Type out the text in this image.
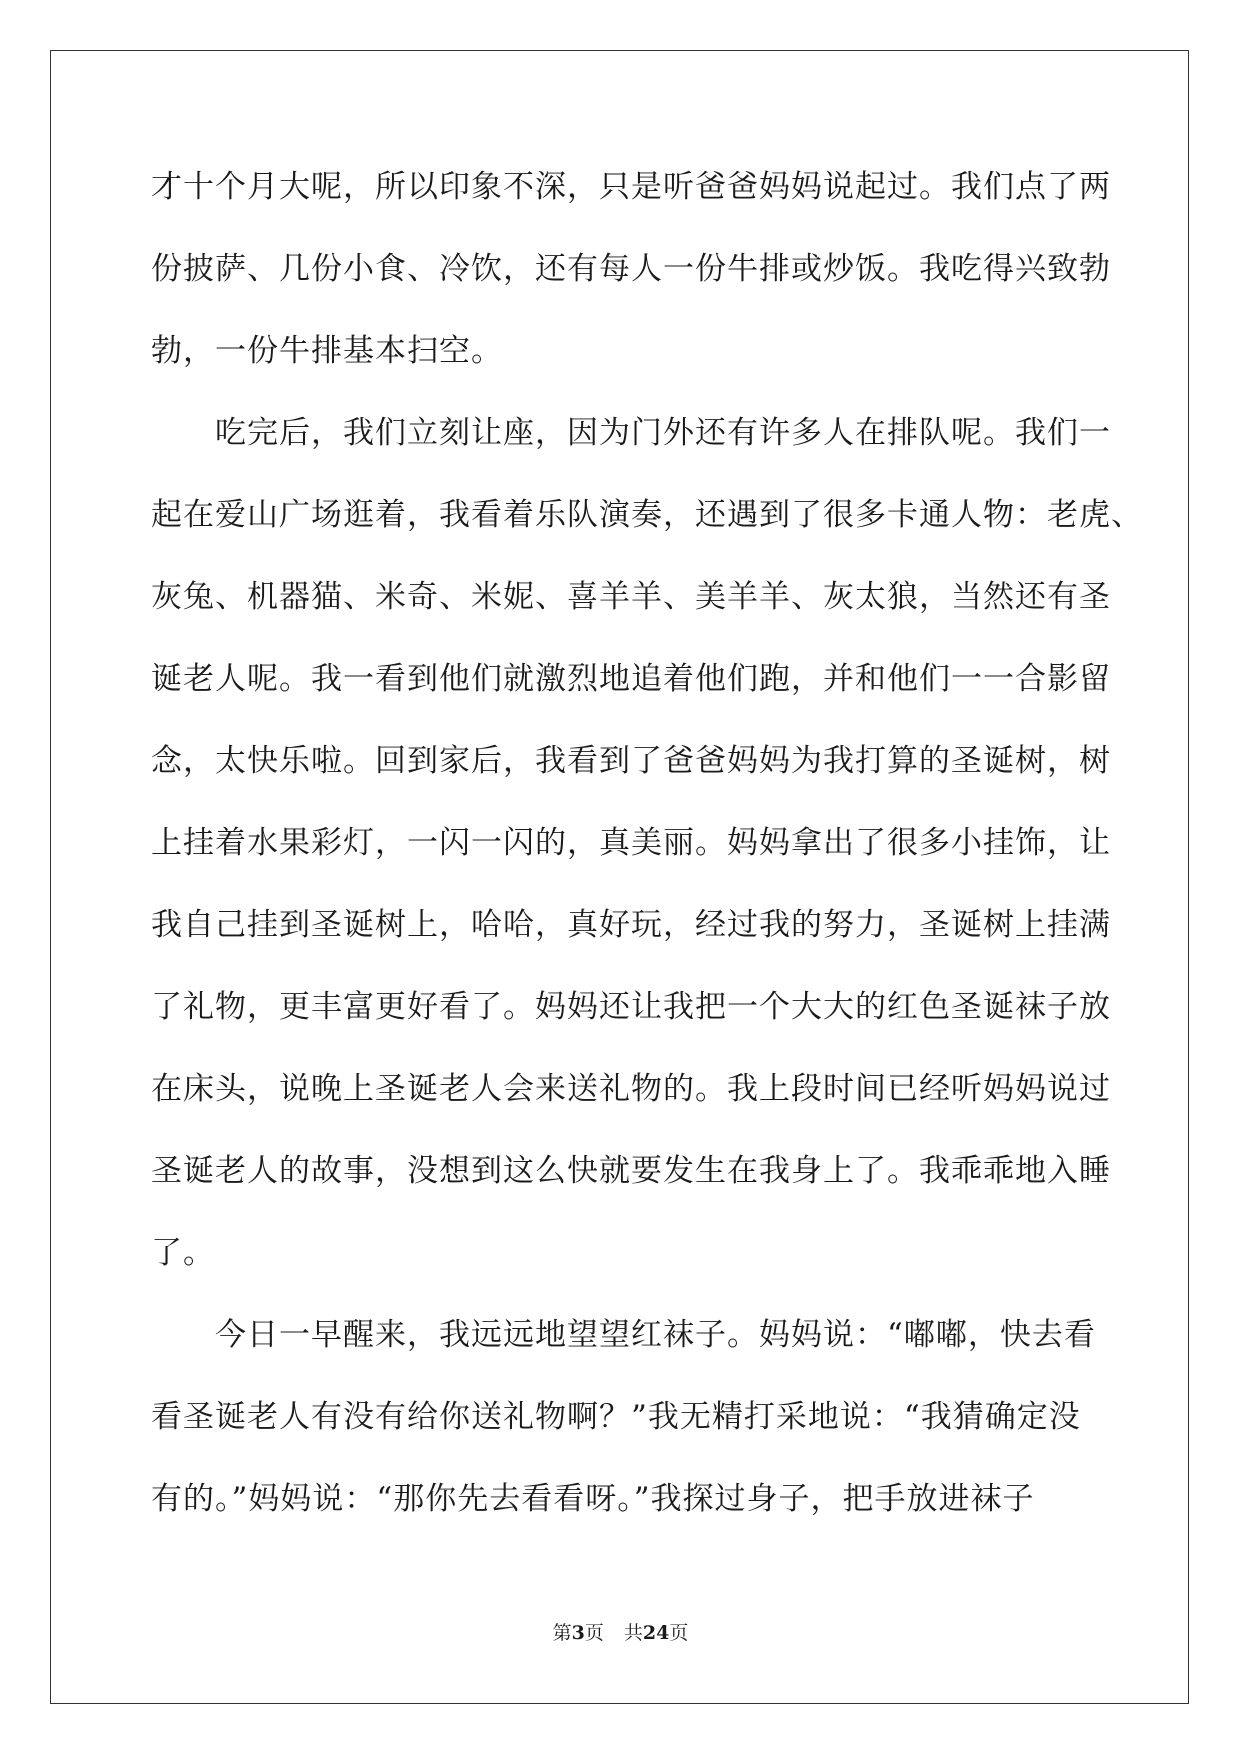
才十个月大呢，所以印象不深，只是听爸爸妈妈说起过。我们点了两
份披萨、几份小食、冷饮，还有每人一份牛排或炒饭。我吃得兴致勃
勃，一份牛排基本扫空。
　　吃完后，我们立刻让座，因为门外还有许多人在排队呢。我们一
起在爱山广场逛着，我看着乐队演奏，还遇到了很多卡通人物：老虎、
灰兔、机器猫、米奇、米妮、喜羊羊、美羊羊、灰太狼，当然还有圣
诞老人呢。我一看到他们就激烈地追着他们跑，并和他们一一合影留
念，太快乐啦。回到家后，我看到了爸爸妈妈为我打算的圣诞树，树
上挂着水果彩灯，一闪一闪的，真美丽。妈妈拿出了很多小挂饰，让
我自己挂到圣诞树上，哈哈，真好玩，经过我的努力，圣诞树上挂满
了礼物，更丰富更好看了。妈妈还让我把一个大大的红色圣诞袜子放
在床头，说晚上圣诞老人会来送礼物的。我上段时间已经听妈妈说过
圣诞老人的故事，没想到这么快就要发生在我身上了。我乖乖地入睡
了。
　　今日一早醒来，我远远地望望红袜子。妈妈说：“嘟嘟，快去看
看圣诞老人有没有给你送礼物啊？”我无精打采地说：“我猜确定没
有的。”妈妈说：“那你先去看看呀。”我探过身子，把手放进袜子
第3页 共24页
